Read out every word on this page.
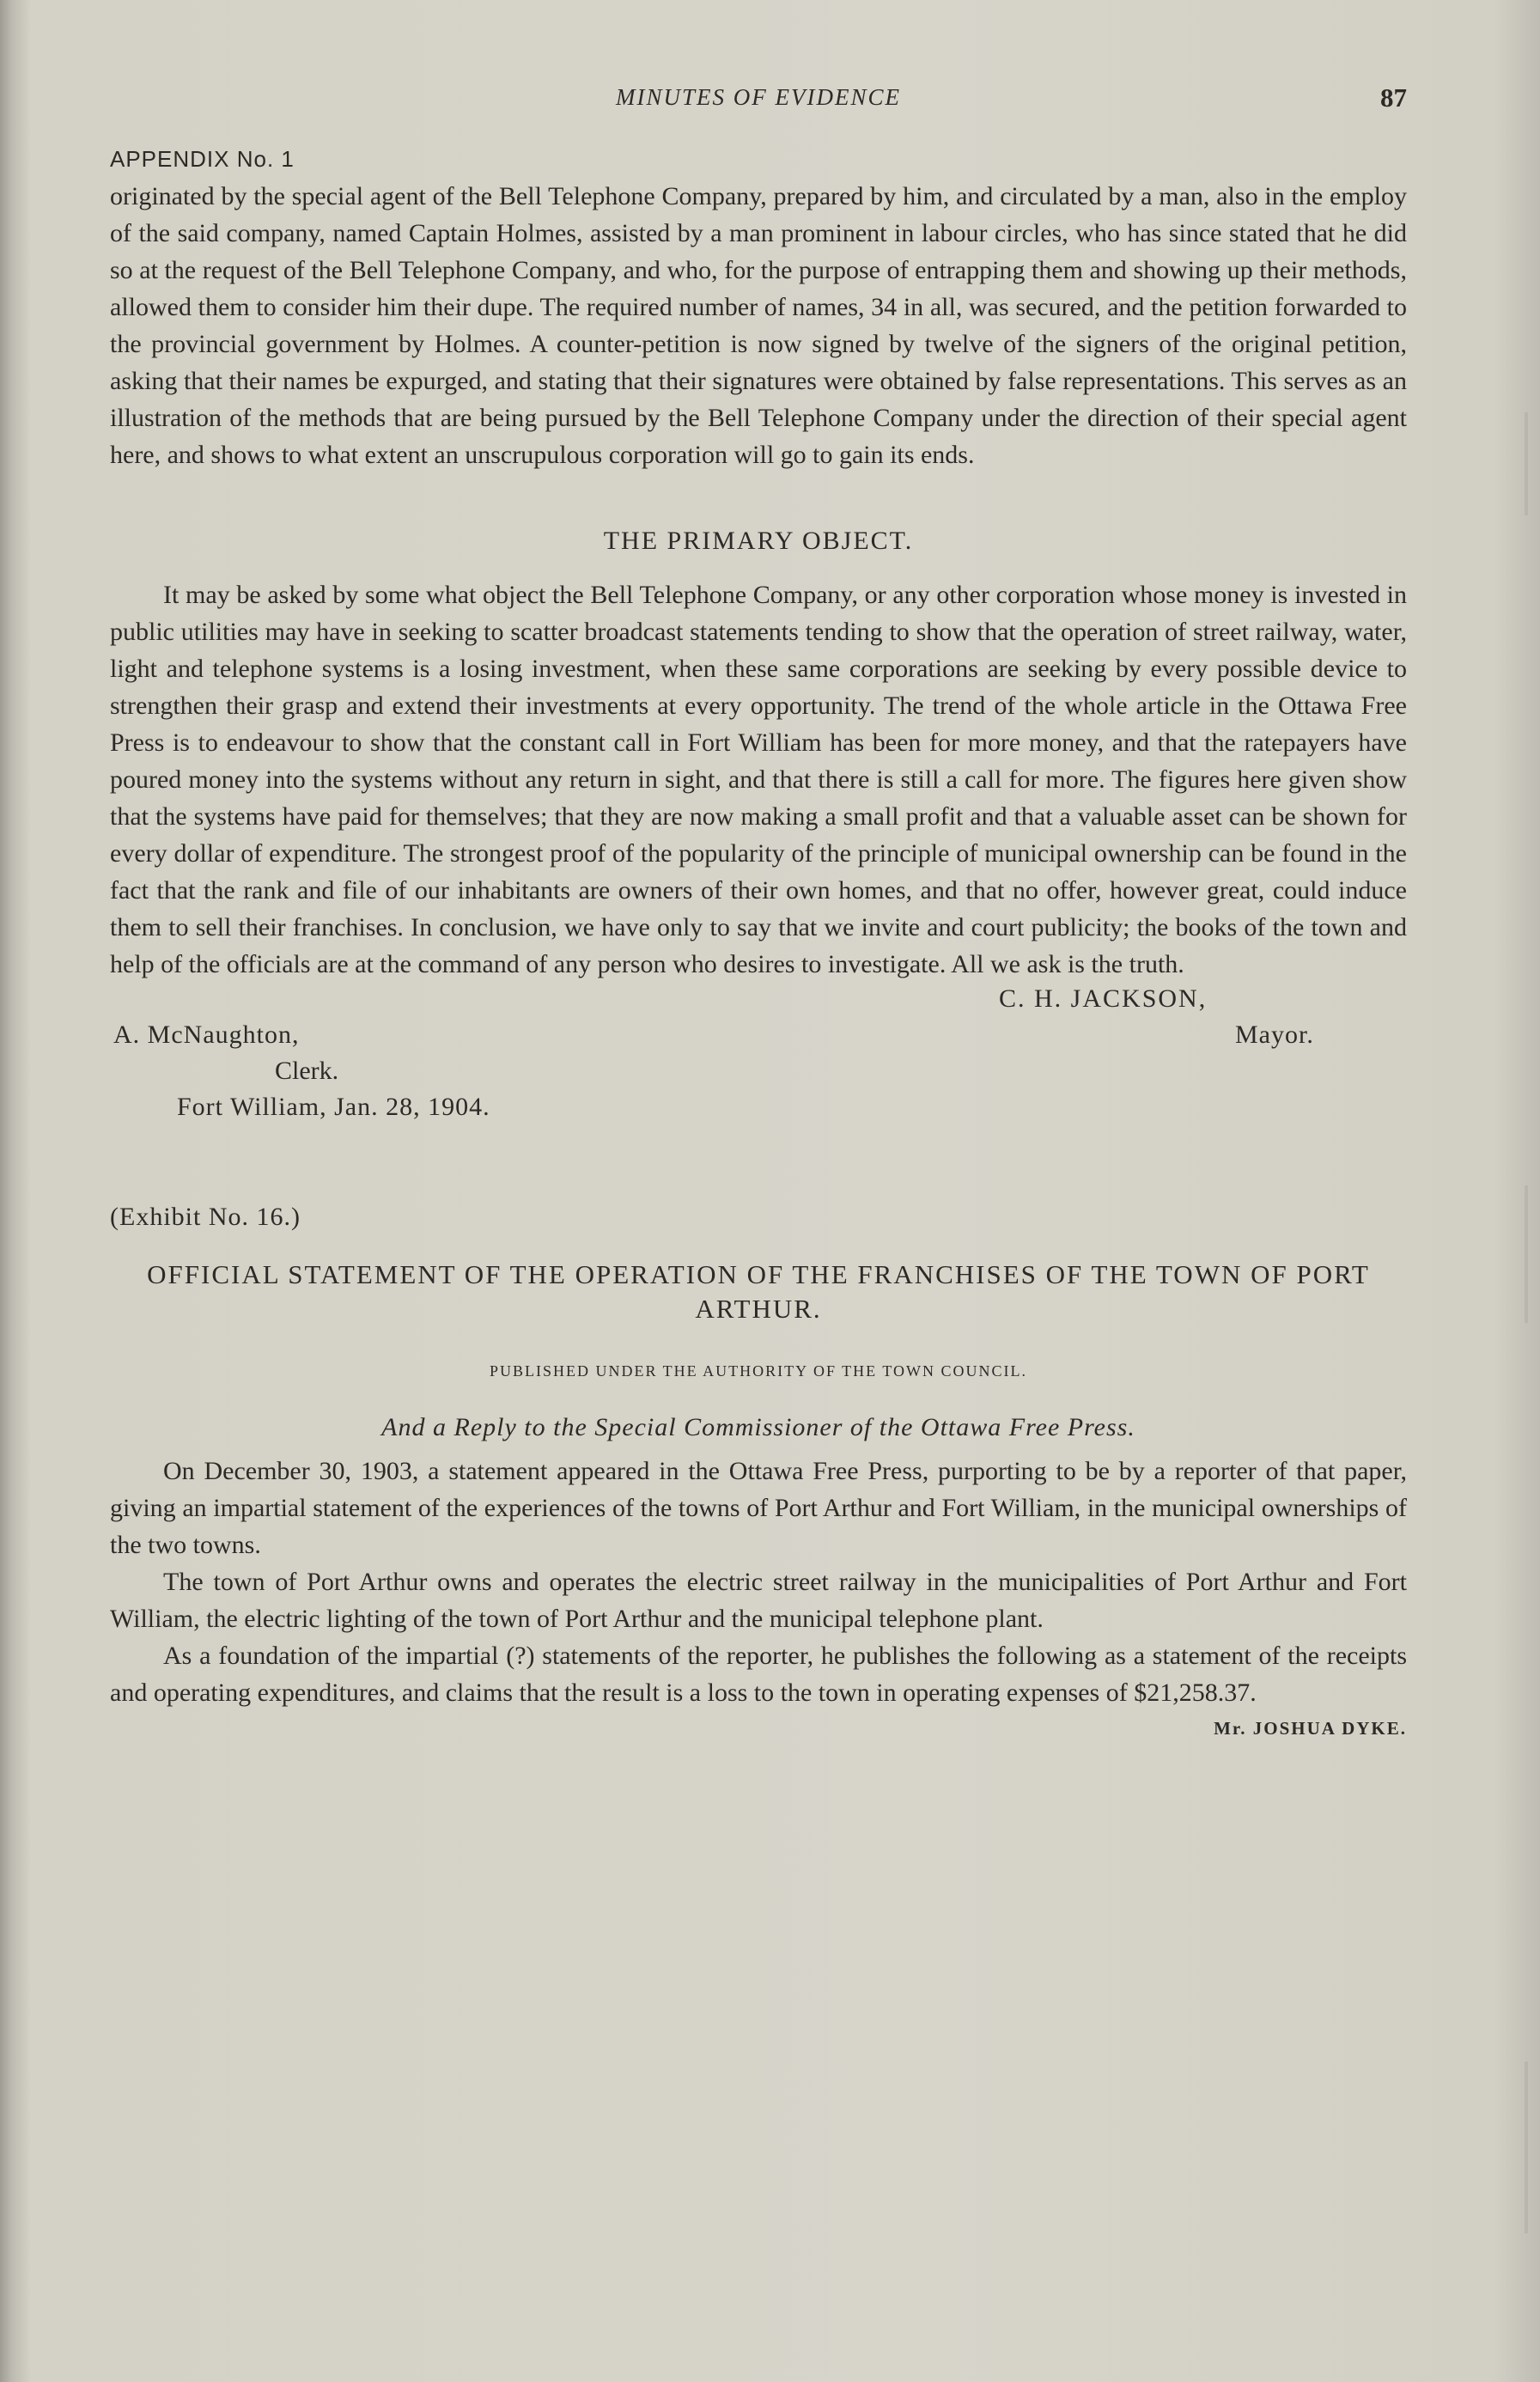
MINUTES OF EVIDENCE	87
APPENDIX No. 1

originated by the special agent of the Bell Telephone Company, prepared by him, and circulated by a man, also in the employ of the said company, named Captain Holmes, assisted by a man prominent in labour circles, who has since stated that he did so at the request of the Bell Telephone Company, and who, for the purpose of entrapping them and showing up their methods, allowed them to consider him their dupe. The required number of names, 34 in all, was secured, and the petition forwarded to the provincial government by Holmes. A counter-petition is now signed by twelve of the signers of the original petition, asking that their names be expurged, and stating that their signatures were obtained by false representations. This serves as an illustration of the methods that are being pursued by the Bell Telephone Company under the direction of their special agent here, and shows to what extent an unscrupulous corporation will go to gain its ends.

THE PRIMARY OBJECT.

It may be asked by some what object the Bell Telephone Company, or any other corporation whose money is invested in public utilities may have in seeking to scatter broadcast statements tending to show that the operation of street railway, water, light and telephone systems is a losing investment, when these same corporations are seeking by every possible device to strengthen their grasp and extend their investments at every opportunity. The trend of the whole article in the Ottawa Free Press is to endeavour to show that the constant call in Fort William has been for more money, and that the ratepayers have poured money into the systems without any return in sight, and that there is still a call for more. The figures here given show that the systems have paid for themselves; that they are now making a small profit and that a valuable asset can be shown for every dollar of expenditure. The strongest proof of the popularity of the principle of municipal ownership can be found in the fact that the rank and file of our inhabitants are owners of their own homes, and that no offer, however great, could induce them to sell their franchises. In conclusion, we have only to say that we invite and court publicity; the books of the town and help of the officials are at the command of any person who desires to investigate. All we ask is the truth.

C. H. JACKSON,
Mayor.
A. McNaughton,
Clerk.
Fort William, Jan. 28, 1904.
(Exhibit No. 16.)
OFFICIAL STATEMENT OF THE OPERATION OF THE FRANCHISES OF THE TOWN OF PORT ARTHUR.
PUBLISHED UNDER THE AUTHORITY OF THE TOWN COUNCIL.
And a Reply to the Special Commissioner of the Ottawa Free Press.

On December 30, 1903, a statement appeared in the Ottawa Free Press, purporting to be by a reporter of that paper, giving an impartial statement of the experiences of the towns of Port Arthur and Fort William, in the municipal ownerships of the two towns.

The town of Port Arthur owns and operates the electric street railway in the municipalities of Port Arthur and Fort William, the electric lighting of the town of Port Arthur and the municipal telephone plant.

As a foundation of the impartial (?) statements of the reporter, he publishes the following as a statement of the receipts and operating expenditures, and claims that the result is a loss to the town in operating expenses of $21,258.37.

Mr. JOSHUA DYKE.
